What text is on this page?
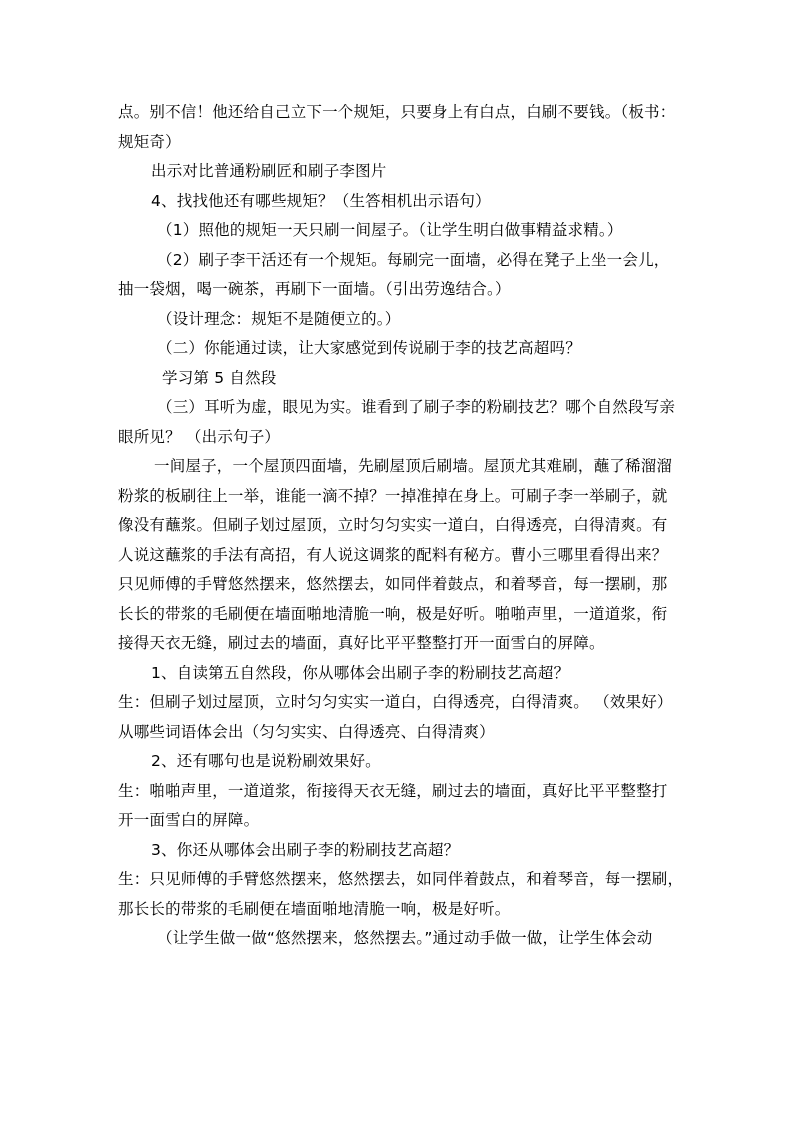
点。别不信！他还给自己立下一个规矩，只要身上有白点，白刷不要钱。（板书：
规矩奇）
出示对比普通粉刷匠和刷子李图片
4、找找他还有哪些规矩？（生答相机出示语句）
（1）照他的规矩一天只刷一间屋子。（让学生明白做事精益求精。）
（2）刷子李干活还有一个规矩。每刷完一面墙，必得在凳子上坐一会儿，
抽一袋烟，喝一碗茶，再刷下一面墙。（引出劳逸结合。）
（设计理念：规矩不是随便立的。）
（二）你能通过读，让大家感觉到传说刷于李的技艺高超吗？
学习第 5 自然段
（三）耳听为虚，眼见为实。谁看到了刷子李的粉刷技艺？哪个自然段写亲
眼所见？ （出示句子）
一间屋子，一个屋顶四面墙，先刷屋顶后刷墙。屋顶尤其难刷，蘸了稀溜溜
粉浆的板刷往上一举，谁能一滴不掉？一掉准掉在身上。可刷子李一举刷子，就
像没有蘸浆。但刷子划过屋顶，立时匀匀实实一道白，白得透亮，白得清爽。有
人说这蘸浆的手法有高招，有人说这调浆的配料有秘方。曹小三哪里看得出来？
只见师傅的手臂悠然摆来，悠然摆去，如同伴着鼓点，和着琴音，每一摆刷，那
长长的带浆的毛刷便在墙面啪地清脆一响，极是好听。啪啪声里，一道道浆，衔
接得天衣无缝，刷过去的墙面，真好比平平整整打开一面雪白的屏障。
1、自读第五自然段，你从哪体会出刷子李的粉刷技艺高超？
生：但刷子划过屋顶，立时匀匀实实一道白，白得透亮，白得清爽。 （效果好）
从哪些词语体会出（匀匀实实、白得透亮、白得清爽）
2、还有哪句也是说粉刷效果好。
生：啪啪声里，一道道浆，衔接得天衣无缝，刷过去的墙面，真好比平平整整打
开一面雪白的屏障。
3、你还从哪体会出刷子李的粉刷技艺高超？
生：只见师傅的手臂悠然摆来，悠然摆去，如同伴着鼓点，和着琴音，每一摆刷，
那长长的带浆的毛刷便在墙面啪地清脆一响，极是好听。
（让学生做一做“悠然摆来，悠然摆去。”通过动手做一做，让学生体会动
